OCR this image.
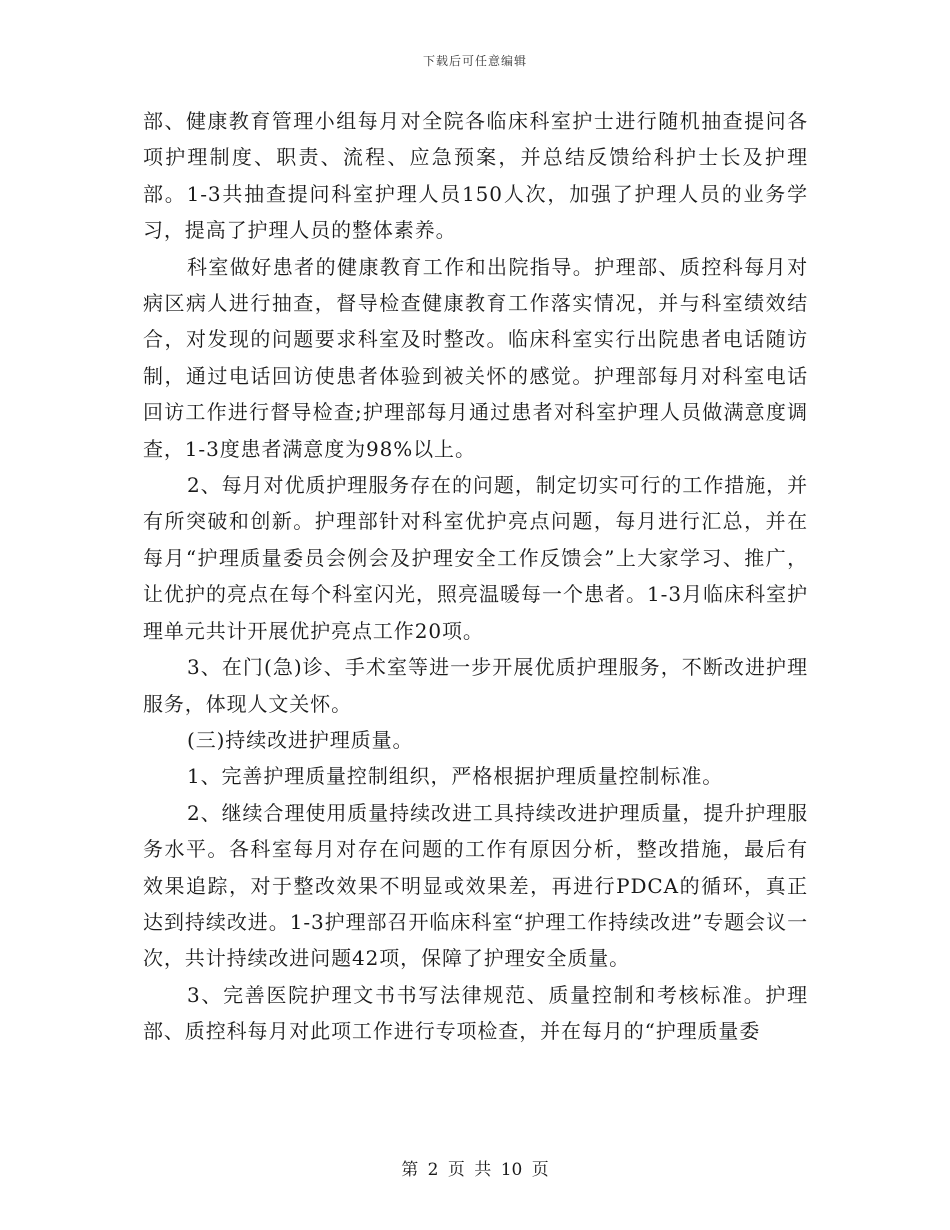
下载后可任意编辑

部、健康教育管理小组每月对全院各临床科室护士进行随机抽查提问各项护理制度、职责、流程、应急预案，并总结反馈给科护士长及护理部。1-3共抽查提问科室护理人员150人次，加强了护理人员的业务学习，提高了护理人员的整体素养。

科室做好患者的健康教育工作和出院指导。护理部、质控科每月对病区病人进行抽查，督导检查健康教育工作落实情况，并与科室绩效结合，对发现的问题要求科室及时整改。临床科室实行出院患者电话随访制，通过电话回访使患者体验到被关怀的感觉。护理部每月对科室电话回访工作进行督导检查;护理部每月通过患者对科室护理人员做满意度调查，1-3度患者满意度为98%以上。

2、每月对优质护理服务存在的问题，制定切实可行的工作措施，并有所突破和创新。护理部针对科室优护亮点问题，每月进行汇总，并在每月“护理质量委员会例会及护理安全工作反馈会”上大家学习、推广，让优护的亮点在每个科室闪光，照亮温暖每一个患者。1-3月临床科室护理单元共计开展优护亮点工作20项。

3、在门(急)诊、手术室等进一步开展优质护理服务，不断改进护理服务，体现人文关怀。

(三)持续改进护理质量。

1、完善护理质量控制组织，严格根据护理质量控制标准。

2、继续合理使用质量持续改进工具持续改进护理质量，提升护理服务水平。各科室每月对存在问题的工作有原因分析，整改措施，最后有效果追踪，对于整改效果不明显或效果差，再进行PDCA的循环，真正达到持续改进。1-3护理部召开临床科室“护理工作持续改进”专题会议一次，共计持续改进问题42项，保障了护理安全质量。

3、完善医院护理文书书写法律规范、质量控制和考核标准。护理部、质控科每月对此项工作进行专项检查，并在每月的“护理质量委

第 2 页 共 10 页
